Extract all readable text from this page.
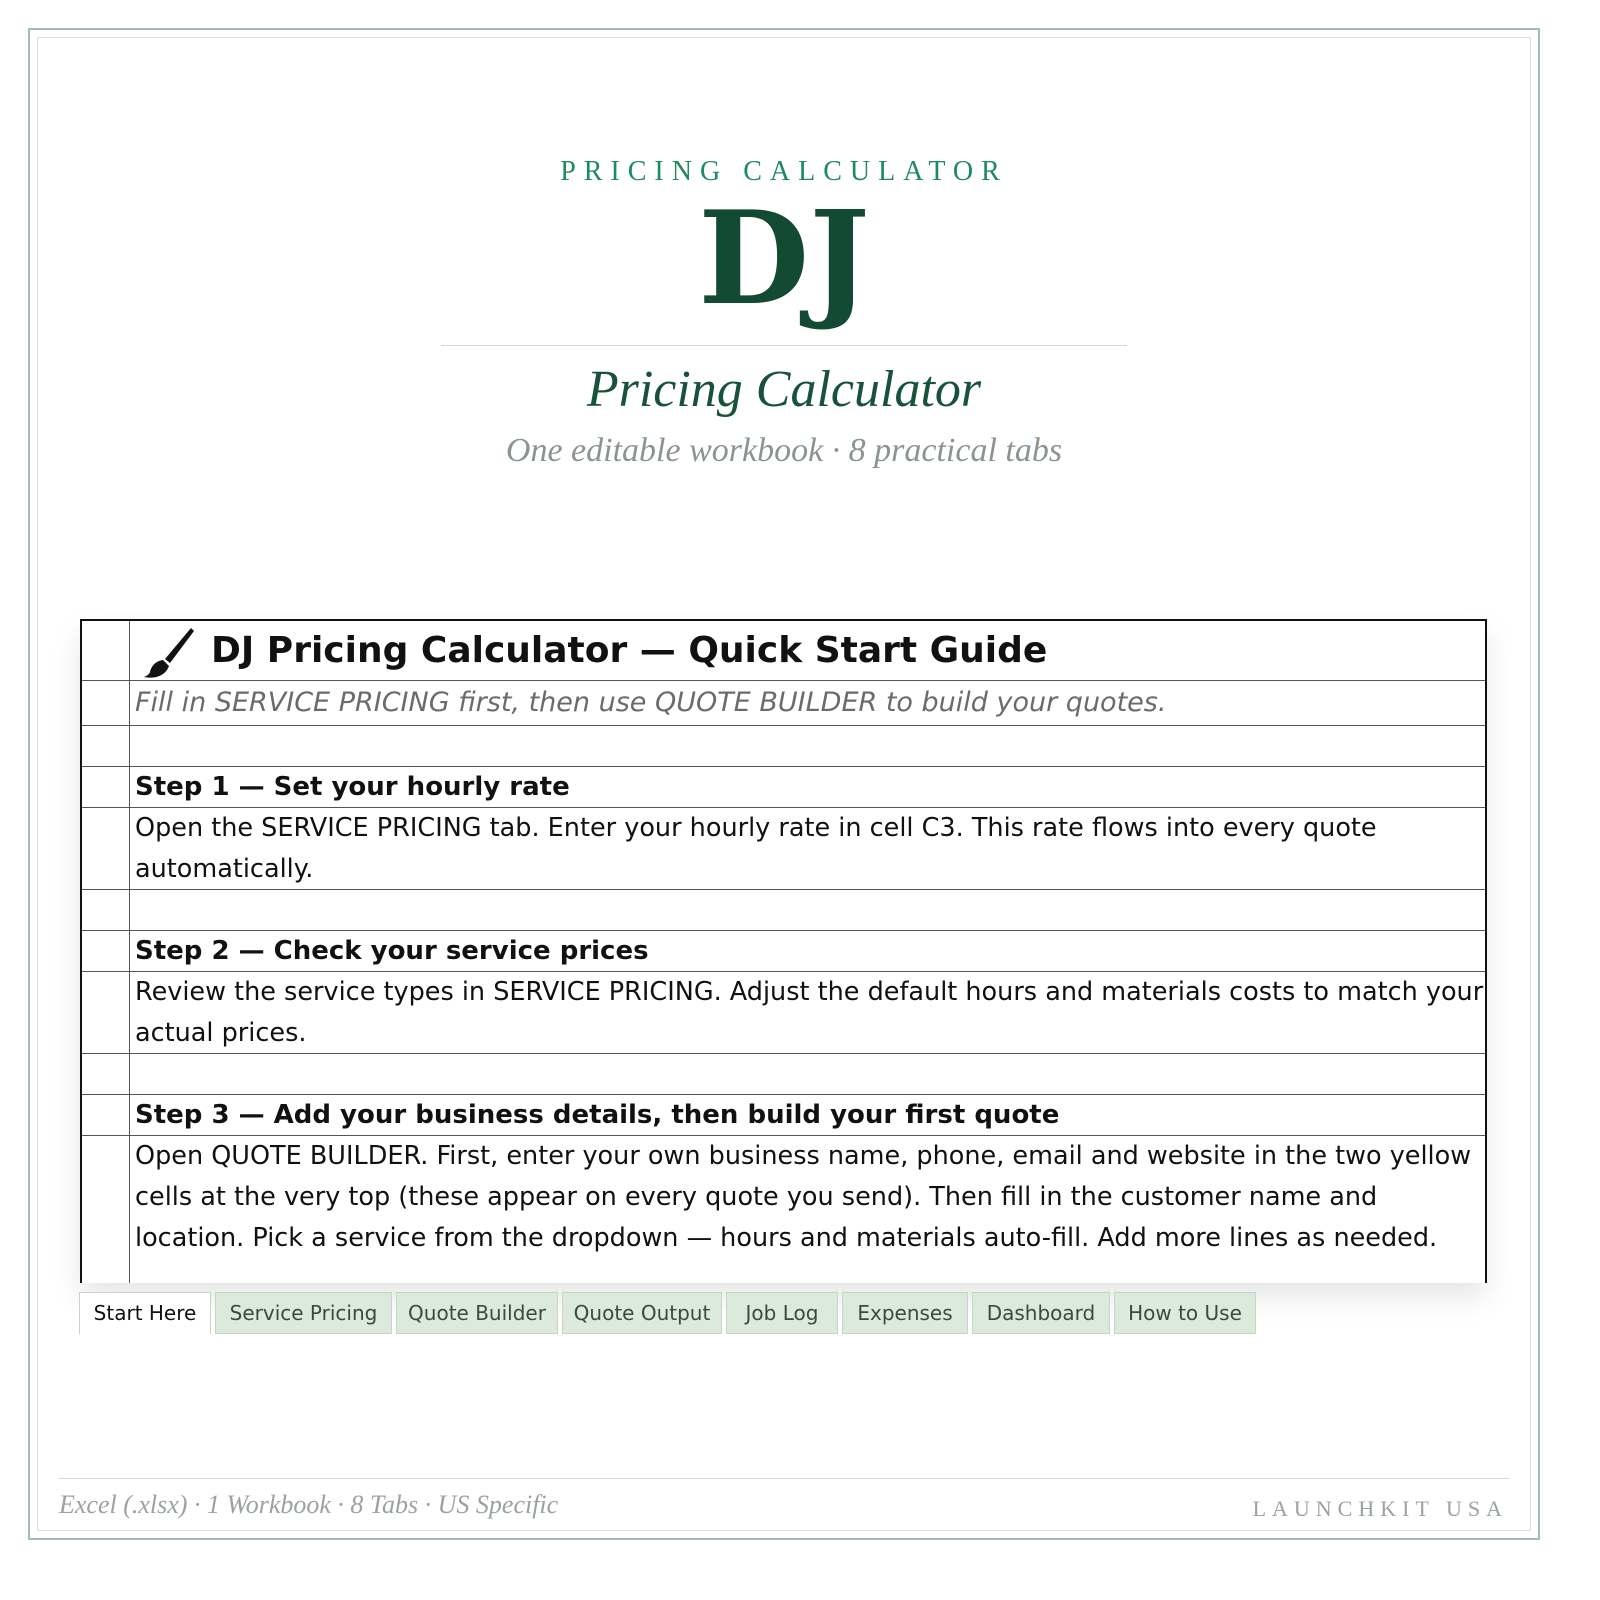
PRICING CALCULATOR
DJ
Pricing Calculator
One editable workbook · 8 practical tabs
DJ Pricing Calculator — Quick Start Guide
Fill in SERVICE PRICING first, then use QUOTE BUILDER to build your quotes.
Step 1 — Set your hourly rate
Open the SERVICE PRICING tab. Enter your hourly rate in cell C3. This rate flows into every quote automatically.
Step 2 — Check your service prices
Review the service types in SERVICE PRICING. Adjust the default hours and materials costs to match your actual prices.
Step 3 — Add your business details, then build your first quote
Open QUOTE BUILDER. First, enter your own business name, phone, email and website in the two yellow cells at the very top (these appear on every quote you send). Then fill in the customer name and location. Pick a service from the dropdown — hours and materials auto-fill. Add more lines as needed.
Start Here	Service Pricing	Quote Builder	Quote Output	Job Log	Expenses	Dashboard	How to Use
Excel (.xlsx) · 1 Workbook · 8 Tabs · US Specific	LAUNCHKIT USA
